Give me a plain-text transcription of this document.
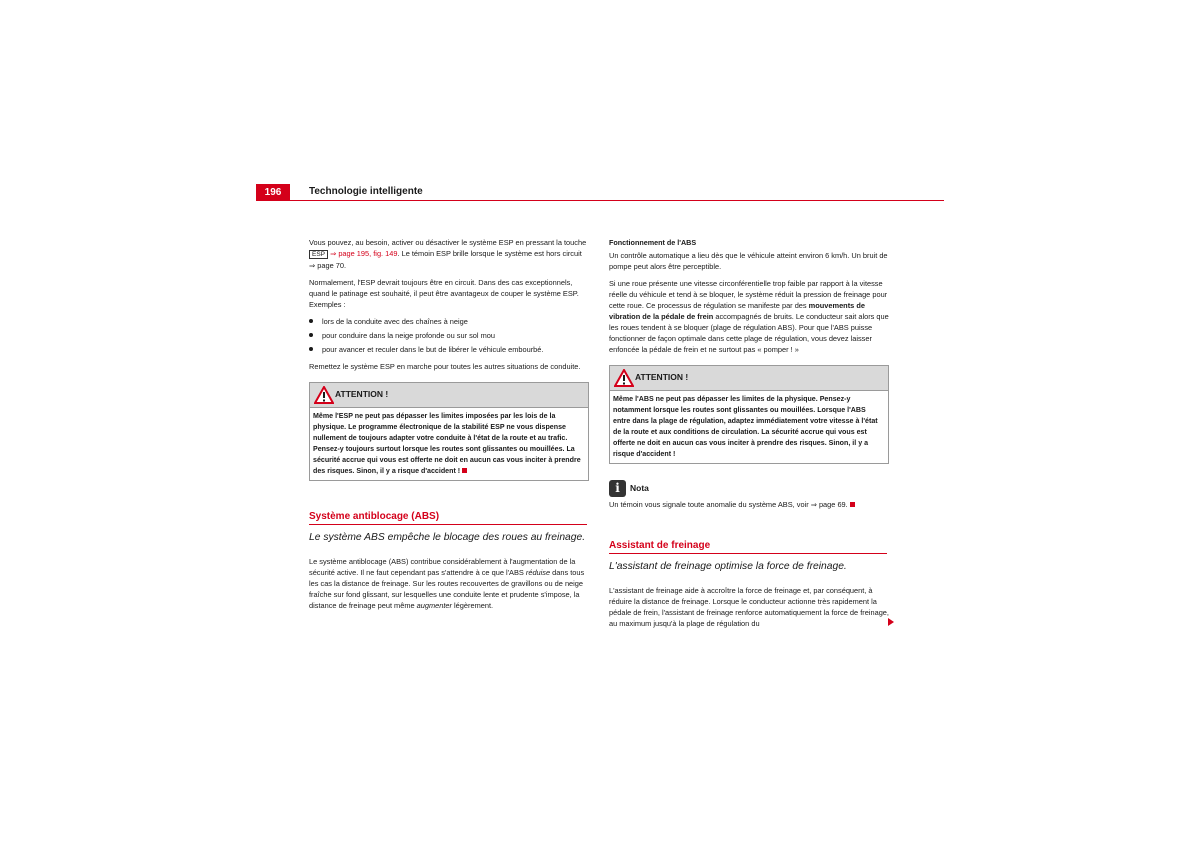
196	Technologie intelligente

Vous pouvez, au besoin, activer ou désactiver le système ESP en pressant la touche ESP ⇒ page 195, fig. 149. Le témoin ESP brille lorsque le système est hors circuit ⇒ page 70.

Normalement, l'ESP devrait toujours être en circuit. Dans des cas exceptionnels, quand le patinage est souhaité, il peut être avantageux de couper le système ESP. Exemples :

lors de la conduite avec des chaînes à neige
pour conduire dans la neige profonde ou sur sol mou
pour avancer et reculer dans le but de libérer le véhicule embourbé.

Remettez le système ESP en marche pour toutes les autres situations de conduite.

ATTENTION !
Même l'ESP ne peut pas dépasser les limites imposées par les lois de la physique. Le programme électronique de la stabilité ESP ne vous dispense nullement de toujours adapter votre conduite à l'état de la route et au trafic. Pensez-y toujours surtout lorsque les routes sont glissantes ou mouillées. La sécurité accrue qui vous est offerte ne doit en aucun cas vous inciter à prendre des risques. Sinon, il y a risque d'accident !
Système antiblocage (ABS)
Le système ABS empêche le blocage des roues au freinage.

Le système antiblocage (ABS) contribue considérablement à l'augmentation de la sécurité active. Il ne faut cependant pas s'attendre à ce que l'ABS réduise dans tous les cas la distance de freinage. Sur les routes recouvertes de gravillons ou de neige fraîche sur fond glissant, sur lesquelles une conduite lente et prudente s'impose, la distance de freinage peut même augmenter légèrement.

Fonctionnement de l'ABS

Un contrôle automatique a lieu dès que le véhicule atteint environ 6 km/h. Un bruit de pompe peut alors être perceptible.

Si une roue présente une vitesse circonférentielle trop faible par rapport à la vitesse réelle du véhicule et tend à se bloquer, le système réduit la pression de freinage pour cette roue. Ce processus de régulation se manifeste par des mouvements de vibration de la pédale de frein accompagnés de bruits. Le conducteur sait alors que les roues tendent à se bloquer (plage de régulation ABS). Pour que l'ABS puisse fonctionner de façon optimale dans cette plage de régulation, vous devez laisser enfoncée la pédale de frein et ne surtout pas « pomper ! »

ATTENTION !
Même l'ABS ne peut pas dépasser les limites de la physique. Pensez-y notamment lorsque les routes sont glissantes ou mouillées. Lorsque l'ABS entre dans la plage de régulation, adaptez immédiatement votre vitesse à l'état de la route et aux conditions de circulation. La sécurité accrue qui vous est offerte ne doit en aucun cas vous inciter à prendre des risques. Sinon, il y a risque d'accident !
i Nota
Un témoin vous signale toute anomalie du système ABS, voir ⇒ page 69.
Assistant de freinage
L'assistant de freinage optimise la force de freinage.

L'assistant de freinage aide à accroître la force de freinage et, par conséquent, à réduire la distance de freinage. Lorsque le conducteur actionne très rapidement la pédale de frein, l'assistant de freinage renforce automatiquement la force de freinage, au maximum jusqu'à la plage de régulation du
